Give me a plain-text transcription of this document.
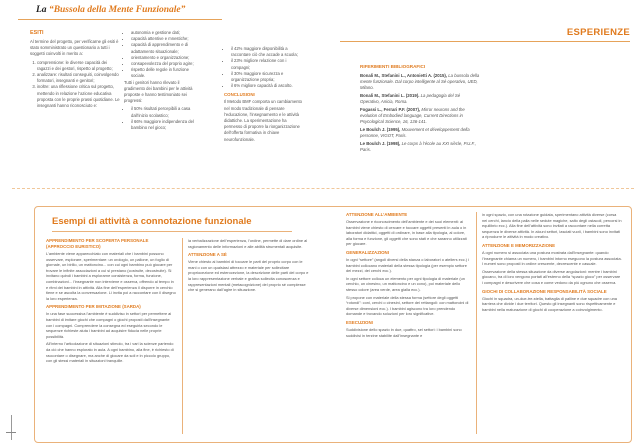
La “Bussola della Mente Funzionale”
ESPERIENZE
ESITI

Al termine del progetto, per verificarne gli esiti è stato somministrato un questionario a tutti i soggetti coinvolti in merito a:

1. comprensione: le diverse capacità dei ragazzi e dei gestori, rispetto al progetto;
2. analizzare: risultati conseguiti, coinvolgendo formatori, insegnanti e genitori;
3. inoltre: una riflessione critica sul progetto, mettendo in relazione l’azione educativa proposta con le proprie prassi quotidiane. Le insegnanti hanno riconosciuto e:
• autonomia e gestione dati;
• capacità attentive e mnestiche;
• capacità di apprendimento e di adattamento situazionale;
• orientamento e organizzazione;
• consapevolezza del proprio agire;
• rispetto delle regole in funzione sociale.

Tutti i genitori hanno rilevato il gradimento dei bambini per le attività proposte e hanno testimoniato sei progressi:

• il 50% risultati percepibili a casa dall’inizio scolastico;
• il 66% maggiore indipendenza del bambino nel gioco;
• il 42% maggiore disponibilità a raccontare ciò che accade a scuola;
• il 23% migliore relazione con i compagni;
• il 30% maggiore sicurezza e organizzazione propria;
• il 6% migliore capacità di ascolto.
CONCLUSIONI

Il Metodo BMF comporta un cambiamento nel modo tradizionale di pensare l’educazione, l’insegnamento e le attività didattiche. La sperimentazione ha permesso di proporre la riorganizzazione dell’offerta formativa in chiave neurofunzionale.

RIFERIMENTI BIBLIOGRAFICI

Bonali M., Stefanini L., Antonietti A. (2015), La bussola della mente funzionale. Dal corpo intelligente al Sé operativo, UED, Milano.

Bonali M., Stefanini L. (2019). La pedagogia del Sé Operativo, Anicia, Roma.

Fogassi L., Ferrari P.F. (2007), Mirror neurons and the evolution of Embodied language, Current Directions in Psycological Science, 16, 136-141.

Le Boulch J. (1995), Mouvement et développement della personne, VIGOT, Paris.

Le Boulch J. (1998), Le corps à l’école au XXI siècle, P.U.F., Paris.

Esempi di attività a connotazione funzionale
APPRENDIMENTO PER SCOPERTA PERSONALE (APPROCCIO EURISTICO)

L’ambiente viene apparecchiato con materiali che i bambini possono osservare, esplorare, sperimentare: un orologio, un pallone, un foglio di giornale, un birillo, un mattoncino... con cui ogni bambino può giocare per trovare le infinite associazioni a cui si prestano (costruite, decostruite). Si invitano quindi i bambini a esplorarne consistenza, forma, funzione, combinazioni... l’insegnante non interviene e osserva, offrendo al tempo in e ritmi dei bambini in attività. Alla fine dell’esperienza il disporre in cerchio tiene e se ascolta la conversazione. Li invita poi a raccontare con il disegno la loro esperienza.

APPRENDIMENTO PER IMITAZIONE (SARDA)

In una fase successiva l’ambiente è suddiviso in settori per permettere ai bambini di imitare giochi che compagni o giochi proposti dall’insegnante con i compagni. Comprendere la consegna ed eseguirla secondo le sequenze richieste aiuta i bambini ad acquisire fiducia nelle proprie possibilità.

All’interno l’articolazione di situazioni stimolo, tra i vari la scienze partendo da ciò che hanno esplorato in aula. A ogni bambino, alla fine, è richiesto di raccontare o disegnare, ma anche di giocare da soli e in piccolo gruppo, con gli stessi materiali in situazioni tranquille.

la verbalizzazione dell’esperienza, l’ordine, permette di dare ordine al ragionamento delle informazioni e alle abilità strumentali acquisite.

ATTENZIONE A SÉ

Viene chiesto ai bambini di toccare le parti del proprio corpo con le mani o con un qualsiasi attrezzo e materiale per sollecitare propriocezione ed esterocezione, la descrizione delle parti del corpo e la loro rappresentazione verbale e grafica sollecita conoscenza e rappresentazioni mentali (metacognizione) del proprio sé complesse che si generano dall’agire in situazione.

ATTENZIONE ALL’AMBIENTE

Osservazione e riconoscimento dell’ambiente e dei suoi elementi: ai bambini viene chiesto di cercare e toccare oggetti presenti in aula o in laboratori didattici, oggetti di ordinare, in base alla tipologia, al colore, alla forma e funzione, gli oggetti che sono stati e che saranno utilizzati per giocare.

GENERALIZZAZIONI

In ogni “settore” (angoli diversi della stanza o laboratori o ateliers ecc.) i bambini collocano materiali della stessa tipologia (per esempio settore dei mezzi, dei cerchi ecc.).

In ogni settore colloca un elemento per ogni tipologia di materiale (un cerchio, un cinesino, un mattoncino e un cono), poi materiale dello stesso colore (area verde, area gialla ecc.).

Si propone con materiale della stessa forma (settore degli oggetti “rotondi”: coni, cerchi o cinesini, settore dei rettangoli: con mattoncini di diverse dimensioni ecc.). I bambini agiscono tra loro prendendo domande e trovando soluzioni per loro significative.

ESECUZIONI

Suddivisione dello spazio in due, quattro, sei settori: i bambini sono suddivisi in terzine stabilite dall’insegnante e

in ogni spazio, con una rotazione guidata, sperimentano attività diverse (corsa nei cerchi, lancio della palla nelle sedute magiche, salto degli ostacoli, percorsi in equilibrio ecc.). Alla fine dell’attività sono invitati a raccontare nella corretta sequenza le diverse attività. In alcuni settori, lasciati vuoti, i bambini sono invitati a riprodurre le attività in modo creativo.

ATTENZIONE E MEMORIZZAZIONE

A ogni numero si associata una postura mostrata dall’insegnante: quando l’insegnante chiama un numero, i bambini intorno eseguono la postura associata. I numeri sono proposti in ordine crescente, decrescente e casuale.

Osservazione della stessa situazione da diverse angolazioni: mentre i bambini giocano, tra di loro vengono portati all’esterno della “spazio gioco” per osservare i compagni e descrivere che cosa e come vedono da più ognuno che osserva.

GIOCHI DI COLLABORAZIONE RESPONSABILITÀ SOCIALE

Giochi in squadra, un-due-tre-stella, battaglia di palline e due squadre con una barriera che divide i due territori. Questo gli insegnanti sono rispettivamente e bambini nella maturazione di giochi di cooperazione a coinvolgimento.
